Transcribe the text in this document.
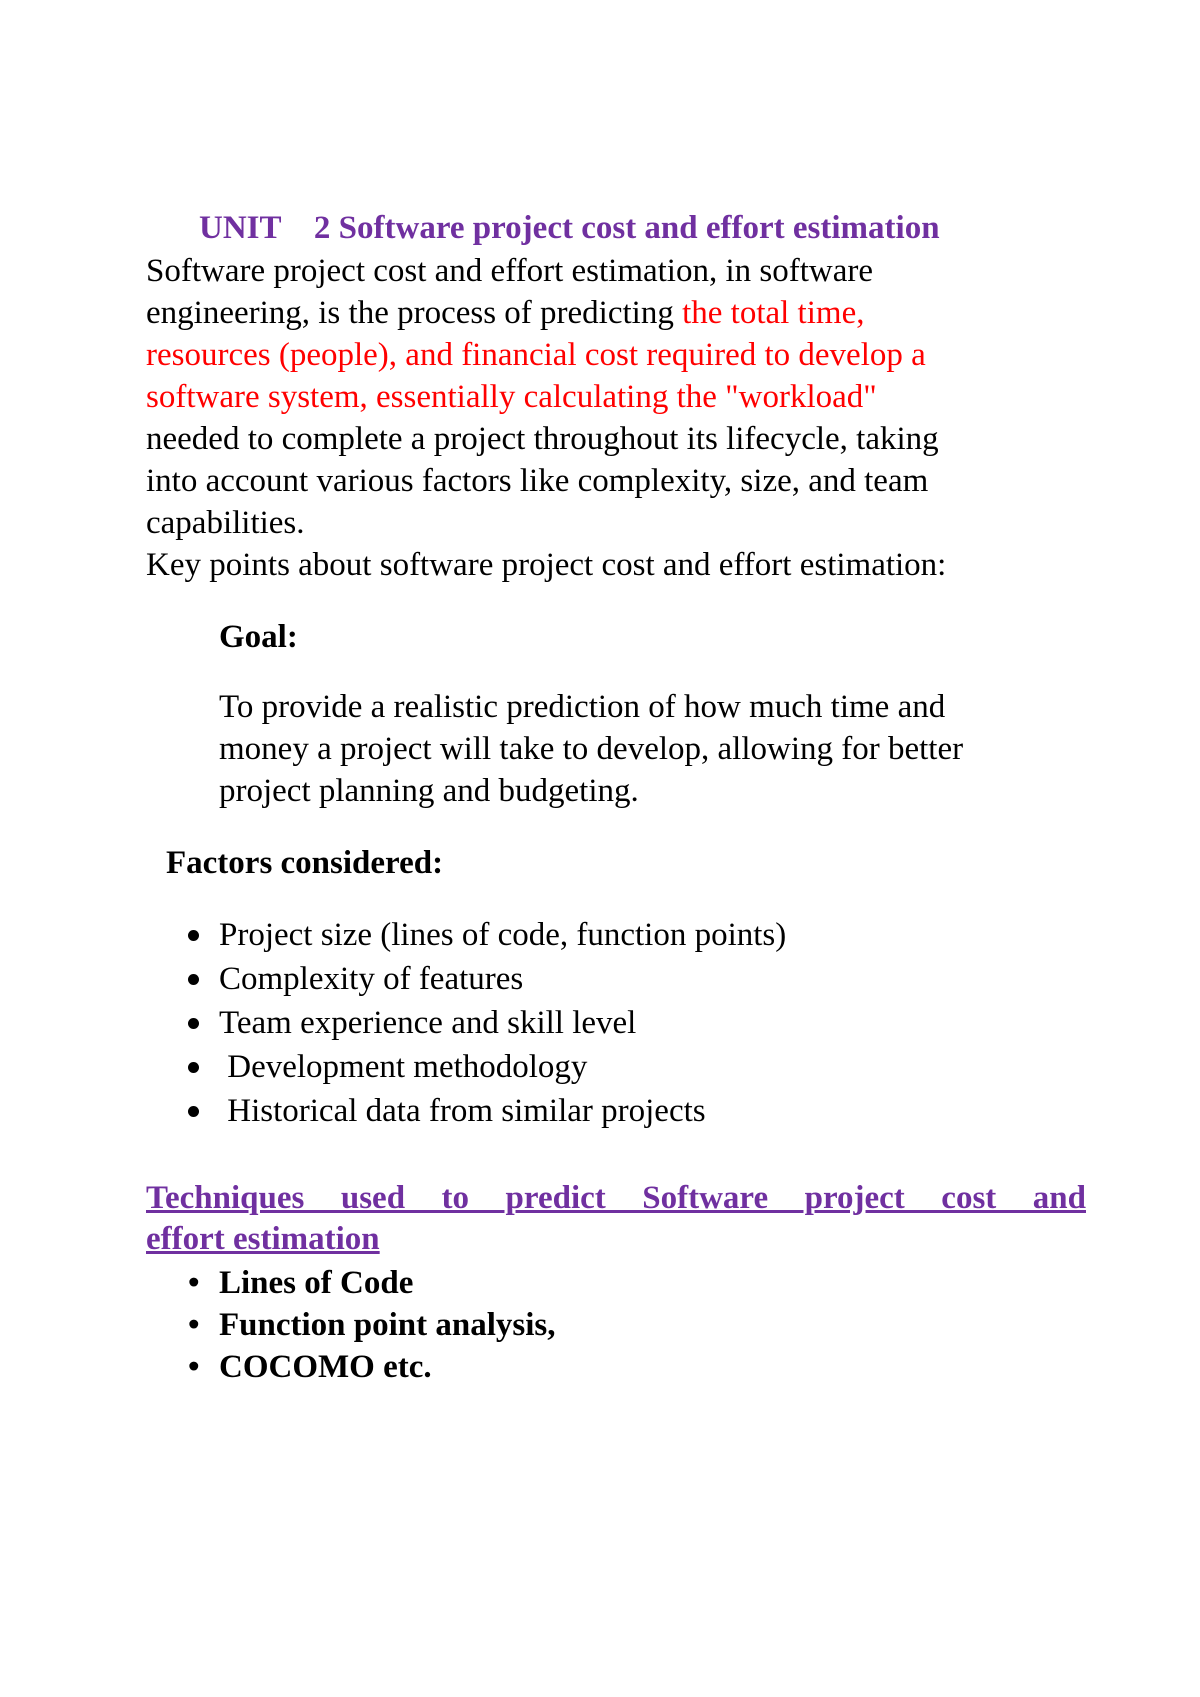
UNIT    2 Software project cost and effort estimation
Software project cost and effort estimation, in software
engineering, is the process of predicting the total time,
resources (people), and financial cost required to develop a
software system, essentially calculating the "workload"
needed to complete a project throughout its lifecycle, taking
into account various factors like complexity, size, and team
capabilities.
Key points about software project cost and effort estimation:
Goal:
To provide a realistic prediction of how much time and
money a project will take to develop, allowing for better
project planning and budgeting.
Factors considered:
Project size (lines of code, function points)
Complexity of features
Team experience and skill level
Development methodology
Historical data from similar projects
Techniques used to predict Software project cost and
effort estimation
• Lines of Code
• Function point analysis,
• COCOMO etc.
